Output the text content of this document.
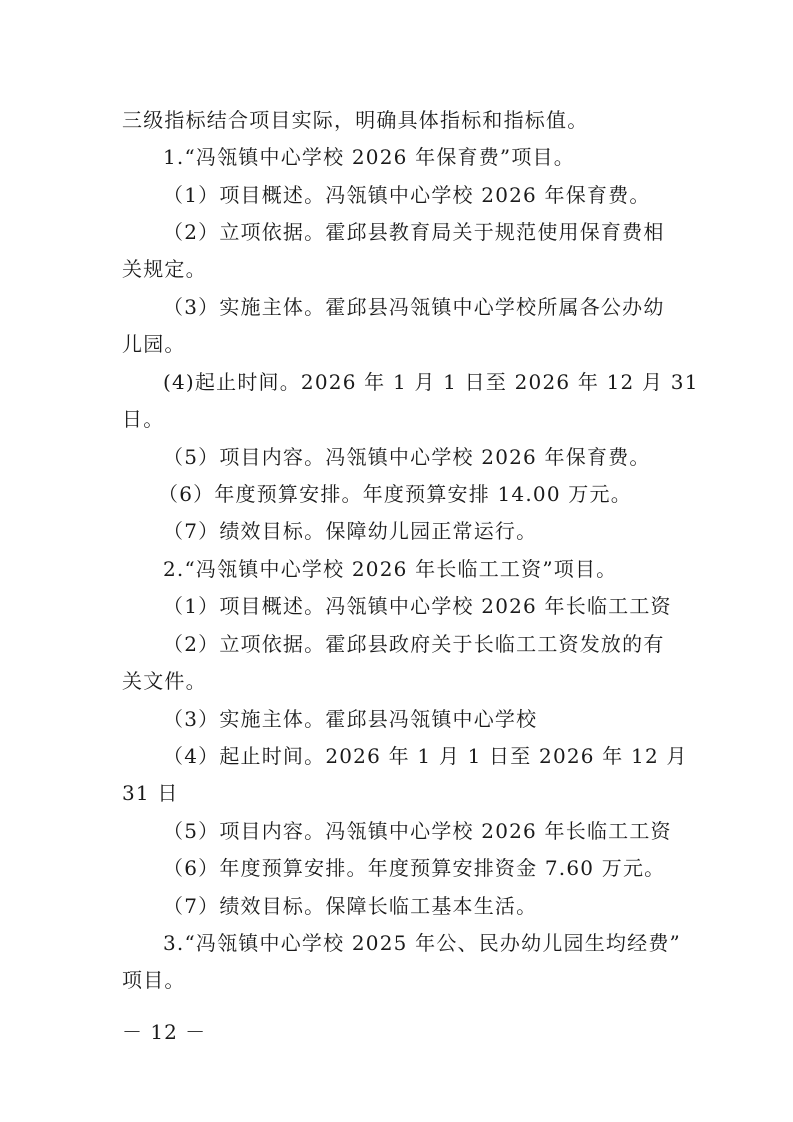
三级指标结合项目实际，明确具体指标和指标值。
1.“冯瓴镇中心学校 2026 年保育费”项目。
（1）项目概述。冯瓴镇中心学校 2026 年保育费。
（2）立项依据。霍邱县教育局关于规范使用保育费相
关规定。
（3）实施主体。霍邱县冯瓴镇中心学校所属各公办幼
儿园。
(4)起止时间。2026 年 1 月 1 日至 2026 年 12 月 31
日。
（5）项目内容。冯瓴镇中心学校 2026 年保育费。
（6）年度预算安排。年度预算安排 14.00 万元。
（7）绩效目标。保障幼儿园正常运行。
2.“冯瓴镇中心学校 2026 年长临工工资”项目。
（1）项目概述。冯瓴镇中心学校 2026 年长临工工资
（2）立项依据。霍邱县政府关于长临工工资发放的有
关文件。
（3）实施主体。霍邱县冯瓴镇中心学校
（4）起止时间。2026 年 1 月 1 日至 2026 年 12 月
31 日
（5）项目内容。冯瓴镇中心学校 2026 年长临工工资
（6）年度预算安排。年度预算安排资金 7.60 万元。
（7）绩效目标。保障长临工基本生活。
3.“冯瓴镇中心学校 2025 年公、民办幼儿园生均经费”
项目。
－ 12 －
